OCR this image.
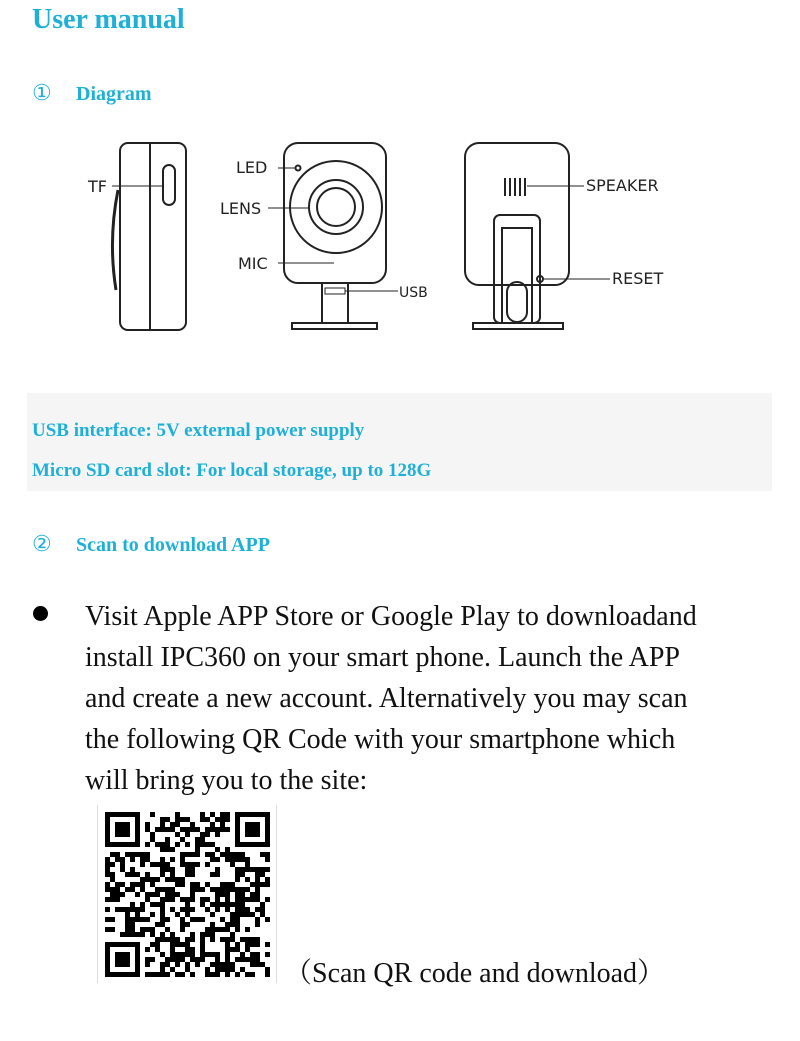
User manual
① Diagram
TF
LED
LENS
MIC
USB
SPEAKER
RESET
USB interface: 5V external power supply
Micro SD card slot: For local storage, up to 128G
② Scan to download APP
Visit Apple APP Store or Google Play to downloadand
install IPC360 on your smart phone. Launch the APP
and create a new account. Alternatively you may scan
the following QR Code with your smartphone which
will bring you to the site:
（Scan QR code and download）
